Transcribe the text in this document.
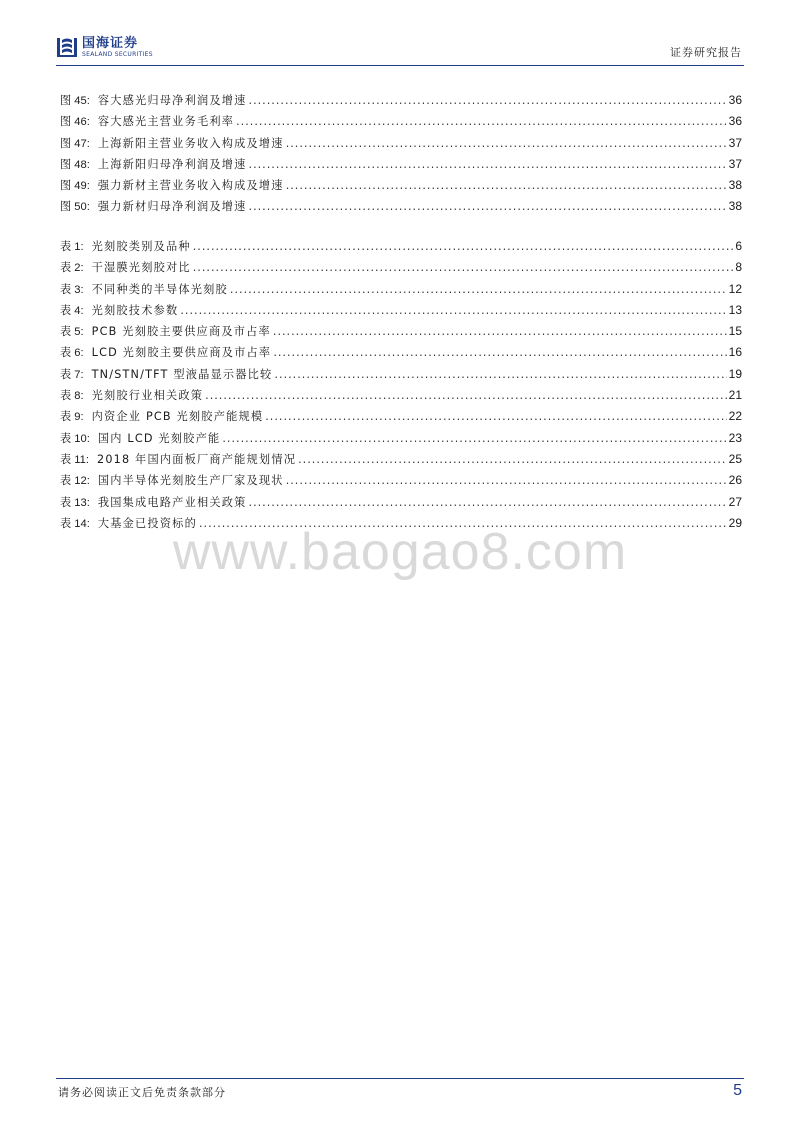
国海证券
SEALAND SECURITIES	证券研究报告
图 45: 容大感光归母净利润及增速 .....	36
图 46: 容大感光主营业务毛利率 .....	36
图 47: 上海新阳主营业务收入构成及增速 .....	37
图 48: 上海新阳归母净利润及增速 .....	37
图 49: 强力新材主营业务收入构成及增速 .....	38
图 50: 强力新材归母净利润及增速 .....	38
表 1: 光刻胶类别及品种 .....	6
表 2: 干湿膜光刻胶对比 .....	8
表 3: 不同种类的半导体光刻胶 .....	12
表 4: 光刻胶技术参数 .....	13
表 5: PCB 光刻胶主要供应商及市占率 .....	15
表 6: LCD 光刻胶主要供应商及市占率 .....	16
表 7: TN/STN/TFT 型液晶显示器比较 .....	19
表 8: 光刻胶行业相关政策 .....	21
表 9: 内资企业 PCB 光刻胶产能规模 .....	22
表 10: 国内 LCD 光刻胶产能 .....	23
表 11: 2018 年国内面板厂商产能规划情况 .....	25
表 12: 国内半导体光刻胶生产厂家及现状 .....	26
表 13: 我国集成电路产业相关政策 .....	27
表 14: 大基金已投资标的 .....	29
www.baogao8.com
请务必阅读正文后免责条款部分	5
